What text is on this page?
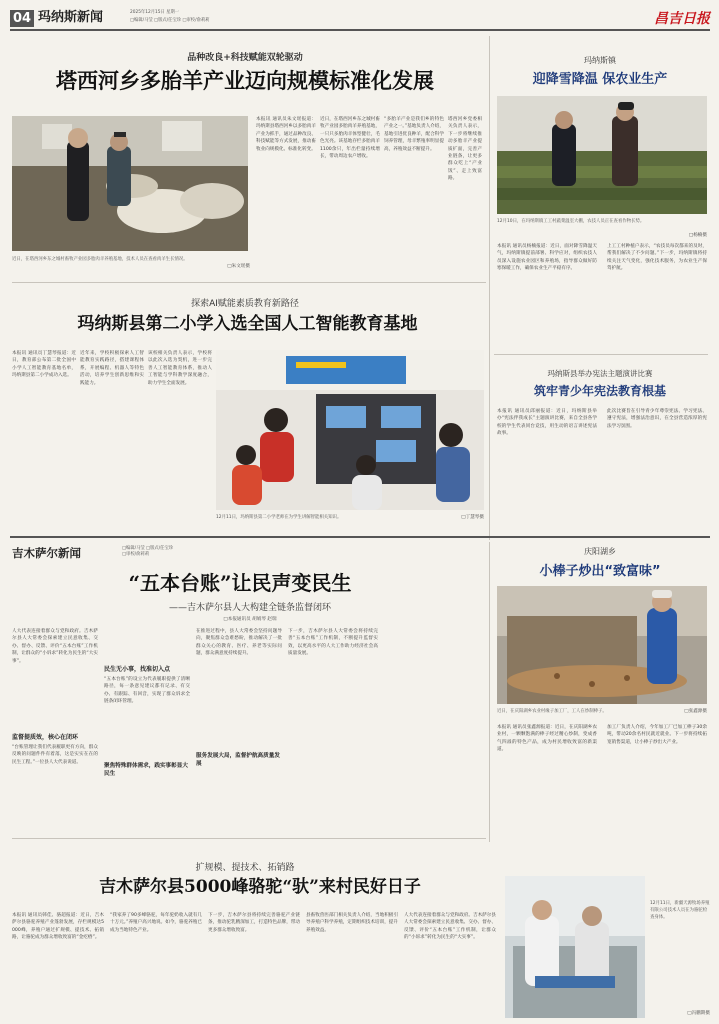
04 玛纳斯新闻	2025年12月15日 星期一
□编辑/马莹 □版式/任宝珍 □审校/俞莉莉	昌吉日报
品种改良+科技赋能双轮驱动
塔西河乡多胎羊产业迈向规模标准化发展
近日，在塔西河乡东之城村畜牧产业园多胎肉羊养殖基地，技术人员在查看肉羊生长情况。
□朱文瑶摄
本报讯 通讯员朱文瑶报道：玛纳斯县塔西河乡以多胎肉羊产业为抓手，通过品种改良、科技赋能等方式发展，推动畜牧业向规模化、标准化转变。
近日，在塔西河乡东之城村畜牧产业园多胎肉羊养殖基地，一只只多胎肉羊体型健壮，毛色光亮。该基地存栏多胎肉羊1100余只，年出栏量持续增长，带动周边农户增收。
“多胎羊产业是我们乡的特色产业之一。”基地负责人介绍，基地引进优良种羊，配合科学饲养管理，母羊繁殖率明显提高，养殖效益不断提升。
塔西河乡党委相关负责人表示，下一步将继续推动多胎羊产业提质扩面，完善产业链条，让更多群众吃上“产业饭”、走上致富路。
玛纳斯镇
迎降雪降温 保农业生产
12月10日，在玛纳斯镇工工村蔬菜温室大棚，农技人员正在查看作物长势。
□杨楠摄
本报讯 通讯员杨楠报道：近日，面对降雪降温天气，玛纳斯镇提前部署、科学应对，组织农技人员深入设施农业园区和养殖场，指导群众做好防寒保暖工作，确保农业生产平稳有序。
上工工村种植户表示，“农技员每次都来的及时，帮我们解决了不少问题。”下一步，玛纳斯镇将持续关注天气变化，强化技术服务，为农业生产保驾护航。
探索AI赋能素质教育新路径
玛纳斯县第二小学入选全国人工智能教育基地
本报讯 通讯员丁慧琴报道：近日，教育部公布第二批全国中小学人工智能教育基地名单，玛纳斯县第二小学成功入选。
近年来，学校积极探索人工智能教育实践路径，搭建课程体系，开展编程、机器人等特色活动，培养学生创新思维和实践能力。
该校相关负责人表示，学校将以此次入选为契机，进一步完善人工智能教育体系，推动人工智能与学科教学深度融合，助力学生全面发展。
12月11日，玛纳斯县第二小学老师在为学生讲解智能相关知识。	□丁慧琴摄
玛纳斯县举办宪法主题演讲比赛
筑牢青少年宪法教育根基
本报讯 通讯员邱丽报道：近日，玛纳斯县举办“宪法伴我成长”主题演讲比赛，来自全县各学校的学生代表同台竞技，用生动的语言讲述宪法故事。
此次比赛旨在引导青少年尊崇宪法、学习宪法、遵守宪法，增强法治意识，在全县营造浓厚的宪法学习氛围。
吉木萨尔新闻	□编辑/马莹 □版式/任宝珍 □审校/俞莉莉
“五本台账”让民声变民生
——吉木萨尔县人大构建全链条监督闭环
□本报通讯员 胡娟琴 赵瑞
人大代表连接着群众与党和政府。吉木萨尔县人大常委会探索建立民意收集、交办、督办、反馈、评价“五本台账”工作机制，让群众的“小诉求”转化为民生的“大实事”。
监督提质效，核心在闭环
“台账管理让我们代表履职更有方向，群众反映的问题件件有着落，这是实实在在的民生工程。”一位县人大代表说道。
民生无小事，找准切入点
“五本台账”的设立为代表履职提供了清晰路径，每一条意见建议都有记录、有交办、有跟踪、有回音，实现了群众诉求全链条闭环管理。
聚焦特殊群体需求，践实事彰显大民生
在推进过程中，县人大常委会坚持问题导向，聚焦群众急难愁盼，推动解决了一批群众关心的教育、医疗、养老等实际问题，群众满意度持续提升。
服务发展大局，监督护航高质量发展
下一步，吉木萨尔县人大常委会将持续完善“五本台账”工作机制，不断提升监督实效，以更高水平的人大工作助力经济社会高质量发展。
庆阳湖乡
小棒子炒出“致富味”
近日，在庆阳湖乡农业村缘子加工厂，工人在炒制棒子。	□张鑫源摄
本报讯 通讯员张鑫源报道：近日，在庆阳湖乡农业村，一颗颗饱满的棒子经过精心炒制，变成香气四溢的特色产品，成为村民增收致富的新渠道。
加工厂负责人介绍，今年加工厂已加工棒子30余吨，带动20余名村民就近就业。下一步将持续拓宽销售渠道，让小棒子炒出大产业。
扩规模、提技术、拓销路
吉木萨尔县5000峰骆驼“驮”来村民好日子
本报讯 通讯员韩佳、骆超报道：近日，吉木萨尔县骆驼养殖产业蓬勃发展，存栏规模达5000峰，养殖户通过扩规模、提技术、拓销路，让骆驼成为群众增收致富的“金疙瘩”。
“我家养了90多峰骆驼，每年驼奶收入就有几十万元。”养殖户高兴地说。如今，骆驼养殖已成为当地特色产业。
下一步，吉木萨尔县将持续完善骆驼产业链条，推动驼乳精深加工，打造特色品牌，带动更多群众增收致富。
县畜牧兽医部门相关负责人介绍，当地积极引导养殖户科学养殖，定期组织技术培训，提升养殖效益。
人大代表连接着群众与党和政府。吉木萨尔县人大常委会探索建立民意收集、交办、督办、反馈、评价“五本台账”工作机制，让群众的“小诉求”转化为民生的“大实事”。
12月11日，新疆天源牧场养殖有限公司技术人员在为骆驼检查身体。
□冯鹏期摄
